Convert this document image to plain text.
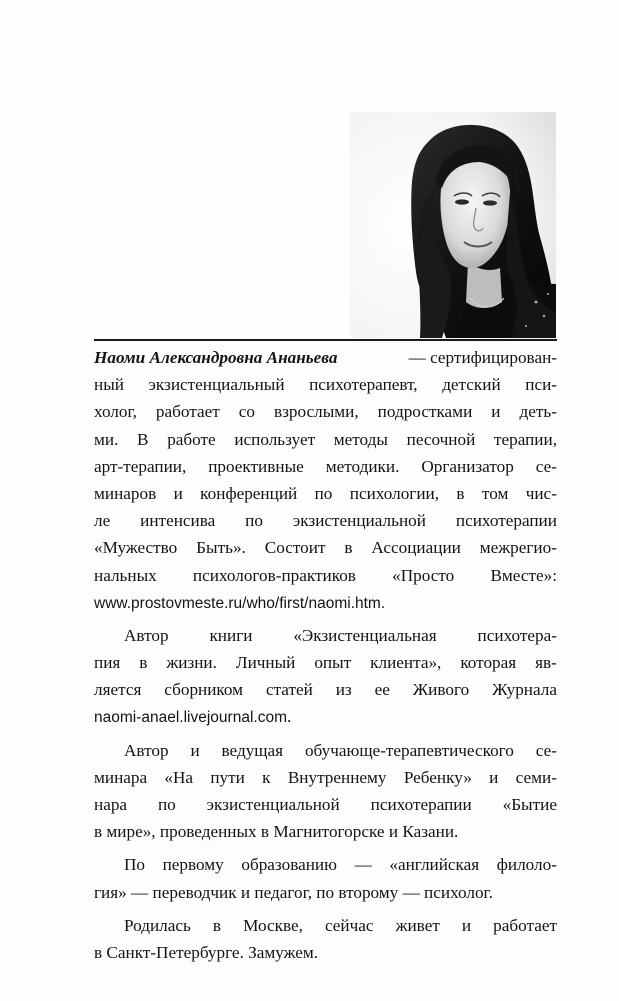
Наоми Александровна Ананьева	— сертифицирован-
ный экзистенциальный психотерапевт, детский пси-
холог, работает со взрослыми, подростками и деть-
ми. В работе использует методы песочной терапии,
арт-терапии, проективные методики. Организатор се-
минаров и конференций по психологии, в том чис-
ле интенсива по экзистенциальной психотерапии
«Мужество Быть». Состоит в Ассоциации межрегио-
нальных психологов-практиков «Просто Вместе»:
www.prostovmeste.ru/who/first/naomi.htm.
Автор книги «Экзистенциальная психотера-
пия в жизни. Личный опыт клиента», которая яв-
ляется сборником статей из ее Живого Журнала
naomi-anael.livejournal.com.
Автор и ведущая обучающе-терапевтического се-
минара «На пути к Внутреннему Ребенку» и семи-
нара по экзистенциальной психотерапии «Бытие
в мире», проведенных в Магнитогорске и Казани.
По первому образованию — «английская филоло-
гия» — переводчик и педагог, по второму — психолог.
Родилась в Москве, сейчас живет и работает
в Санкт-Петербурге. Замужем.
